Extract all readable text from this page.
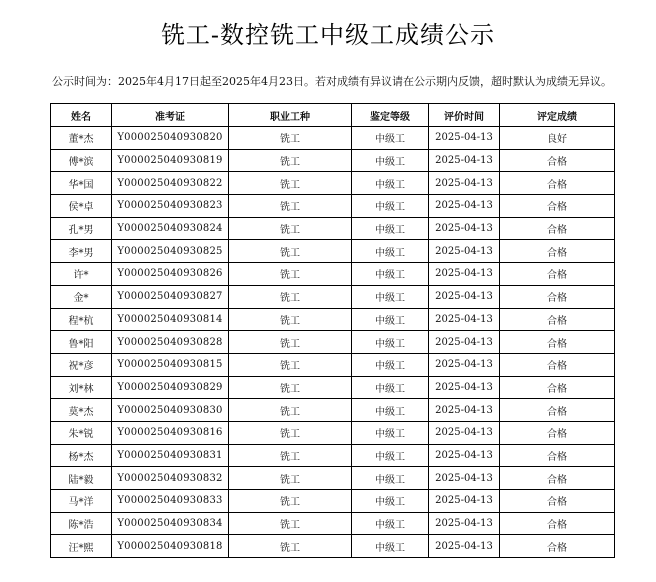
铣工-数控铣工中级工成绩公示
公示时间为：2025年4月17日起至2025年4月23日。若对成绩有异议请在公示期内反馈，超时默认为成绩无异议。
姓名	准考证	职业工种	鉴定等级	评价时间	评定成绩
董*杰	Y000025040930820	铣工	中级工	2025-04-13	良好
傅*滨	Y000025040930819	铣工	中级工	2025-04-13	合格
华*国	Y000025040930822	铣工	中级工	2025-04-13	合格
侯*卓	Y000025040930823	铣工	中级工	2025-04-13	合格
孔*男	Y000025040930824	铣工	中级工	2025-04-13	合格
李*男	Y000025040930825	铣工	中级工	2025-04-13	合格
许*	Y000025040930826	铣工	中级工	2025-04-13	合格
金*	Y000025040930827	铣工	中级工	2025-04-13	合格
程*杭	Y000025040930814	铣工	中级工	2025-04-13	合格
鲁*阳	Y000025040930828	铣工	中级工	2025-04-13	合格
祝*彦	Y000025040930815	铣工	中级工	2025-04-13	合格
刘*林	Y000025040930829	铣工	中级工	2025-04-13	合格
莫*杰	Y000025040930830	铣工	中级工	2025-04-13	合格
朱*锐	Y000025040930816	铣工	中级工	2025-04-13	合格
杨*杰	Y000025040930831	铣工	中级工	2025-04-13	合格
陆*毅	Y000025040930832	铣工	中级工	2025-04-13	合格
马*洋	Y000025040930833	铣工	中级工	2025-04-13	合格
陈*浩	Y000025040930834	铣工	中级工	2025-04-13	合格
汪*熙	Y000025040930818	铣工	中级工	2025-04-13	合格
